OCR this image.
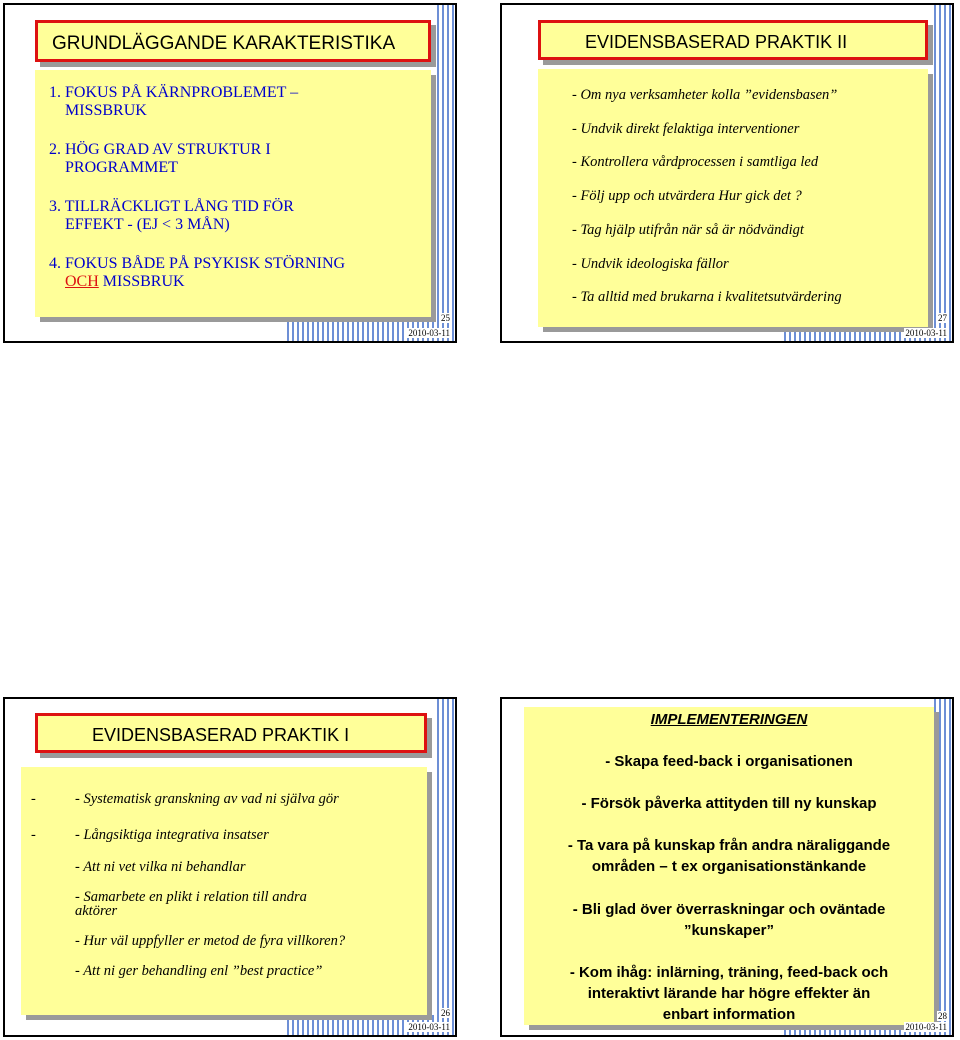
GRUNDLÄGGANDE KARAKTERISTIKA
1. FOKUS PÅ KÄRNPROBLEMET –
MISSBRUK
2. HÖG GRAD AV STRUKTUR I
PROGRAMMET
3. TILLRÄCKLIGT LÅNG TID FÖR
EFFEKT - (EJ < 3 MÅN)
4. FOKUS BÅDE PÅ PSYKISK STÖRNING
OCH MISSBRUK
25
2010-03-11
EVIDENSBASERAD PRAKTIK II
- Om nya verksamheter kolla ”evidensbasen”
- Undvik direkt felaktiga interventioner
- Kontrollera vårdprocessen i samtliga led
- Följ upp och utvärdera Hur gick det ?
- Tag hjälp utifrån när så är nödvändigt
- Undvik ideologiska fällor
- Ta alltid med brukarna i kvalitetsutvärdering
27
2010-03-11
EVIDENSBASERAD PRAKTIK I
-
-
- Systematisk granskning av vad ni själva gör
- Långsiktiga integrativa insatser
- Att ni vet vilka ni behandlar
- Samarbete en plikt i relation till andra
aktörer
- Hur väl uppfyller er metod de fyra villkoren?
- Att ni ger behandling enl ”best practice”
26
2010-03-11
IMPLEMENTERINGEN
- Skapa feed-back i organisationen
- Försök påverka attityden till ny kunskap
- Ta vara på kunskap från andra näraliggande
områden – t ex organisationstänkande
- Bli glad över överraskningar och oväntade
”kunskaper”
- Kom ihåg: inlärning, träning, feed-back och
interaktivt lärande har högre effekter än
enbart information	28
2010-03-11
